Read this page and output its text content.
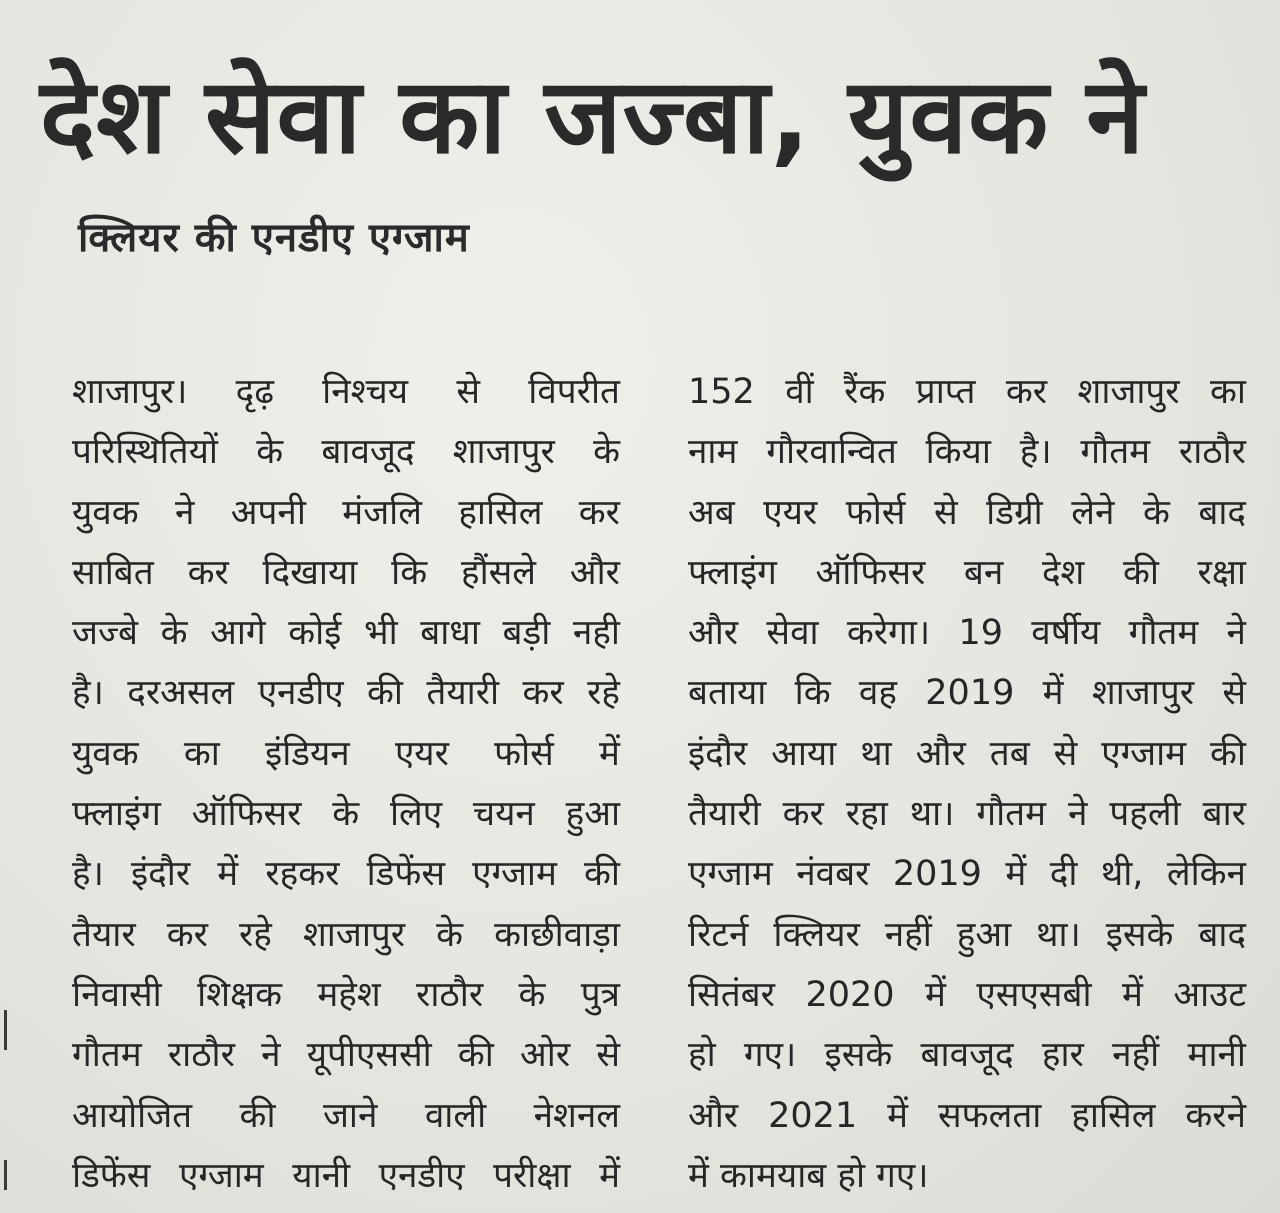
देश सेवा का जज्बा, युवक ने
क्लियर की एनडीए एग्जाम
शाजापुर। दृढ़ निश्चय से विपरीत
परिस्थितियों के बावजूद शाजापुर के
युवक ने अपनी मंजलि हासिल कर
साबित कर दिखाया कि हौंसले और
जज्बे के आगे कोई भी बाधा बड़ी नही
है। दरअसल एनडीए की तैयारी कर रहे
युवक का इंडियन एयर फोर्स में
फ्लाइंग ऑफिसर के लिए चयन हुआ
है। इंदौर में रहकर डिफेंस एग्जाम की
तैयार कर रहे शाजापुर के काछीवाड़ा
निवासी शिक्षक महेश राठौर के पुत्र
गौतम राठौर ने यूपीएससी की ओर से
आयोजित की जाने वाली नेशनल
डिफेंस एग्जाम यानी एनडीए परीक्षा में
152 वीं रैंक प्राप्त कर शाजापुर का
नाम गौरवान्वित किया है। गौतम राठौर
अब एयर फोर्स से डिग्री लेने के बाद
फ्लाइंग ऑफिसर बन देश की रक्षा
और सेवा करेगा। 19 वर्षीय गौतम ने
बताया कि वह 2019 में शाजापुर से
इंदौर आया था और तब से एग्जाम की
तैयारी कर रहा था। गौतम ने पहली बार
एग्जाम नंवबर 2019 में दी थी, लेकिन
रिटर्न क्लियर नहीं हुआ था। इसके बाद
सितंबर 2020 में एसएसबी में आउट
हो गए। इसके बावजूद हार नहीं मानी
और 2021 में सफलता हासिल करने
में कामयाब हो गए।
